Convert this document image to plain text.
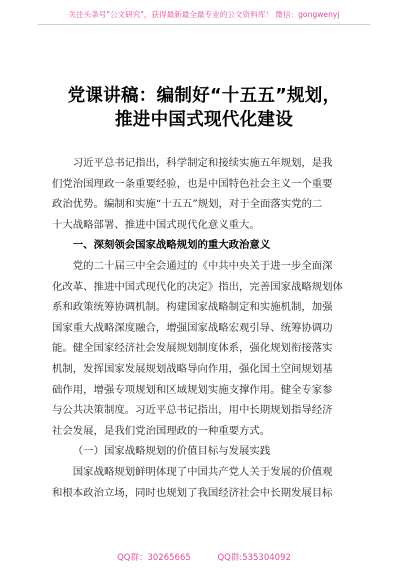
关注头条号"公文研究"，获得最新最全最专业的公文资料库！ 微信：gongwenyj
党课讲稿：编制好“十五五”规划，
推进中国式现代化建设
习近平总书记指出，科学制定和接续实施五年规划，是我
们党治国理政一条重要经验，也是中国特色社会主义一个重要
政治优势。编制和实施“十五五”规划，对于全面落实党的二
十大战略部署、推进中国式现代化意义重大。
一、深刻领会国家战略规划的重大政治意义
党的二十届三中全会通过的《中共中央关于进一步全面深
化改革、推进中国式现代化的决定》指出，完善国家战略规划体
系和政策统筹协调机制。构建国家战略制定和实施机制，加强
国家重大战略深度融合，增强国家战略宏观引导、统筹协调功
能。健全国家经济社会发展规划制度体系，强化规划衔接落实
机制，发挥国家发展规划战略导向作用，强化国土空间规划基
础作用，增强专项规划和区域规划实施支撑作用。健全专家参
与公共决策制度。习近平总书记指出，用中长期规划指导经济
社会发展，是我们党治国理政的一种重要方式。
（一）国家战略规划的价值目标与发展实践
国家战略规划鲜明体现了中国共产党人关于发展的价值观
和根本政治立场，同时也规划了我国经济社会中长期发展目标
QQ群：30265665	QQ群:535304092
